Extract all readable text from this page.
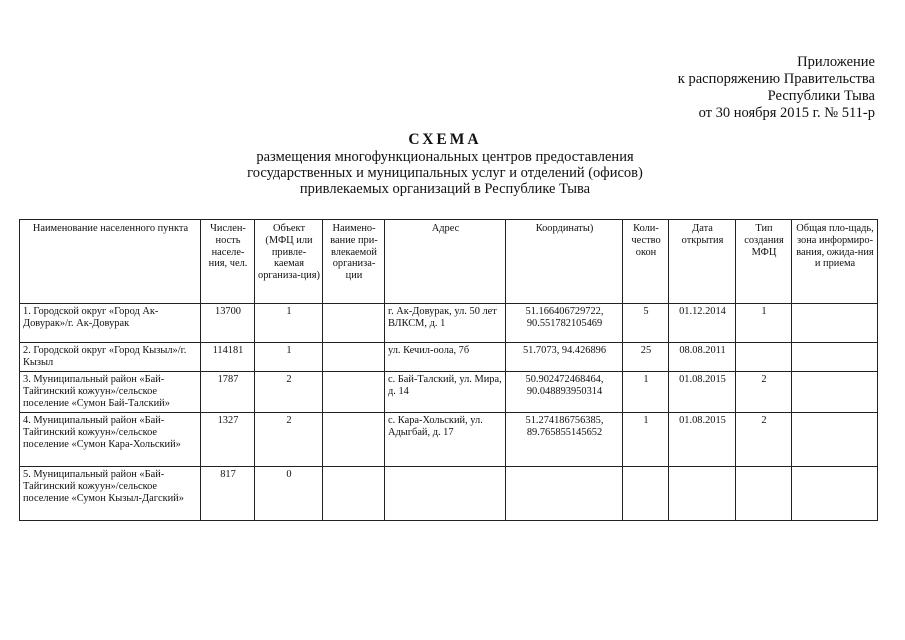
Приложение
к распоряжению Правительства
Республики Тыва
от 30 ноября 2015 г. № 511-р
СХЕМА
размещения многофункциональных центров предоставления
государственных и муниципальных услуг и отделений (офисов)
привлекаемых организаций в Республике Тыва
Наименование населенного пункта	Числен-ность населе-ния, чел.	Объект (МФЦ или привле-каемая организа-ция)	Наимено-вание при-влекаемой организа-ции	Адрес	Координаты)	Коли-чество окон	Дата открытия	Тип создания МФЦ	Общая пло-щадь, зона информиро-вания, ожида-ния и приема
1. Городской округ «Город Ак-Довурак»/г. Ак-Довурак	13700	1		г. Ак-Довурак, ул. 50 лет ВЛКСМ, д. 1	51.166406729722, 90.551782105469	5	01.12.2014	1	
2. Городской округ «Город Кызыл»/г. Кызыл	114181	1		ул. Кечил-оола, 7б	51.7073, 94.426896	25	08.08.2011		
3. Муниципальный район «Бай-Тайгинский кожуун»/сельское поселение «Сумон Бай-Талский»	1787	2		с. Бай-Талский, ул. Мира, д. 14	50.902472468464, 90.048893950314	1	01.08.2015	2	
4. Муниципальный район «Бай-Тайгинский кожуун»/сельское поселение «Сумон Кара-Хольский»	1327	2		с. Кара-Хольский, ул. Адыгбай, д. 17	51.274186756385, 89.765855145652	1	01.08.2015	2	
5. Муниципальный район «Бай-Тайгинский кожуун»/сельское поселение «Сумон Кызыл-Дагский»	817	0							
